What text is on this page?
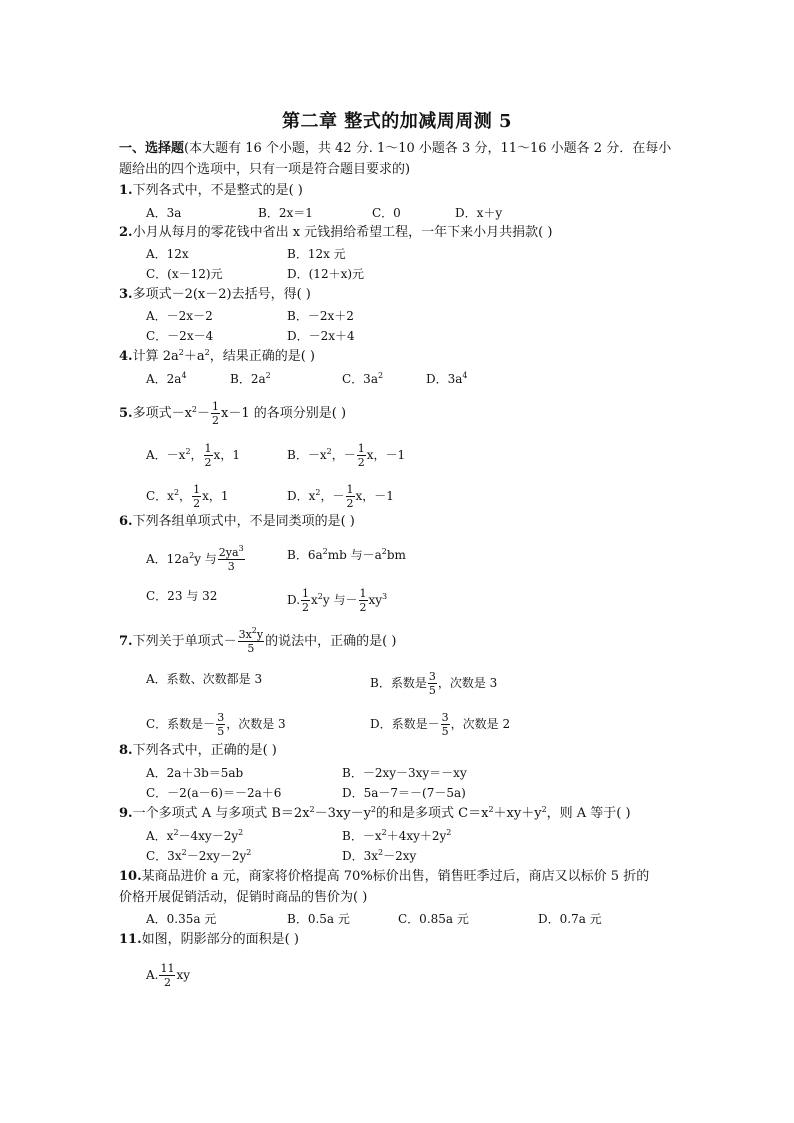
第二章 整式的加减周周测 5
一、选择题(本大题有 16 个小题，共 42 分. 1～10 小题各 3 分，11～16 小题各 2 分．在每小
题给出的四个选项中，只有一项是符合题目要求的)
1.下列各式中，不是整式的是( )
A．3a	B．2x＝1	C．0	D．x＋y
2.小月从每月的零花钱中省出 x 元钱捐给希望工程，一年下来小月共捐款( )
A．12x	B．12x 元
C．(x－12)元	D．(12＋x)元
3.多项式－2(x－2)去括号，得( )
A．－2x－2	B．－2x＋2
C．－2x－4	D．－2x＋4
4.计算 $2a^2+a^2$，结果正确的是( )
A．$2a^4$	B．$2a^2$	C．$3a^2$	D．$3a^4$
5.多项式$-x^2- \frac{1}{2} x-1$ 的各项分别是( )
A．$-x^2$， $\frac{1}{2}$ x，1	B．$-x^2$，－ $\frac{1}{2}$ x，－1
C．$x^2$， $\frac{1}{2}$ x，1	D．$x^2$，－ $\frac{1}{2}$ x，－1
6.下列各组单项式中，不是同类项的是( )
A．$12a^2y$ 与 $\frac{2ya^3}{3}$	B．$6a^2mb$ 与$-a^2bm$
C．23 与 32	D. $\frac{1}{2} x^2y$ 与－ $\frac{1}{2} xy^3$
7.下列关于单项式－ $\frac{3x^2y}{5}$ 的说法中，正确的是( )
A．系数、次数都是 3	B．系数是 $\frac{3}{5}$ ，次数是 3
C．系数是－ $\frac{3}{5}$ ，次数是 3	D．系数是－ $\frac{3}{5}$ ，次数是 2
8.下列各式中，正确的是( )
A．2a＋3b＝5ab	B．－2xy－3xy＝－xy
C．－2(a－6)＝－2a＋6	D．5a－7＝－(7－5a)
9.一个多项式 A 与多项式 $B=2x^2-3xy-y^2$的和是多项式 $C=x^2+xy+y^2$，则 A 等于( )
A．$x^2-4xy-2y^2$	B．$-x^2+4xy+2y^2$
C．$3x^2-2xy-2y^2$	D．$3x^2-2xy$
10.某商品进价 a 元，商家将价格提高 70%标价出售，销售旺季过后，商店又以标价 5 折的
价格开展促销活动，促销时商品的售价为( )
A．0.35a 元	B．0.5a 元	C．0.85a 元	D．0.7a 元
11.如图，阴影部分的面积是( )
A. $\frac{11}{2}$ xy
